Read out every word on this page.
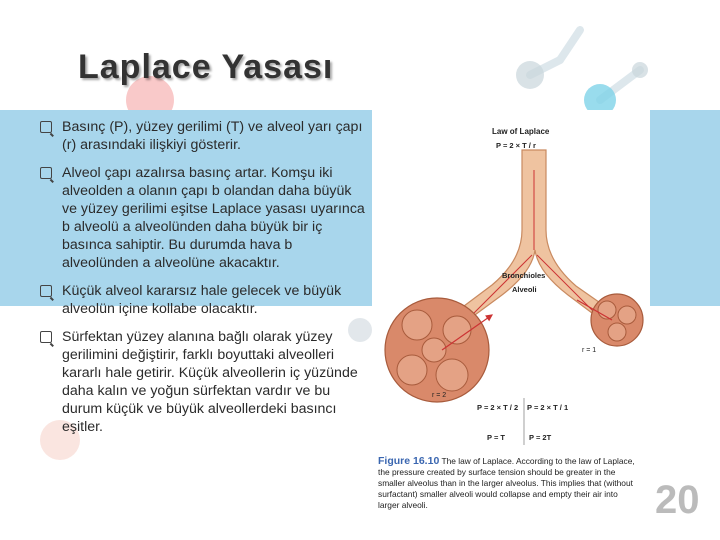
Laplace Yasası
Basınç (P), yüzey gerilimi (T) ve alveol yarı çapı (r) arasındaki ilişkiyi gösterir.
Alveol çapı azalırsa basınç artar. Komşu iki alveolden a olanın çapı b olandan daha büyük ve yüzey gerilimi eşitse Laplace yasası uyarınca b alveolü a alveolünden daha büyük bir iç basınca sahiptir. Bu durumda hava b alveolünden a alveolüne akacaktır.
Küçük alveol kararsız hale gelecek ve büyük alveolün içine kollabe olacaktır.
Sürfektan yüzey alanına bağlı olarak yüzey gerilimini değiştirir, farklı boyuttaki alveolleri kararlı hale getirir. Küçük alveollerin iç yüzünde daha kalın ve yoğun sürfektan vardır ve bu durum küçük ve büyük alveollerdeki basıncı eşitler.
Law of Laplace
P = 2 × T / r
Bronchioles
Alveoli
r = 1
r = 2
P = 2 × T / 2 P = 2 × T / 1
P = T	P = 2T
Figure 16.10 The law of Laplace. According to the law of Laplace, the pressure created by surface tension should be greater in the smaller alveolus than in the larger alveolus. This implies that (without surfactant) smaller alveoli would collapse and empty their air into larger alveoli.	20
